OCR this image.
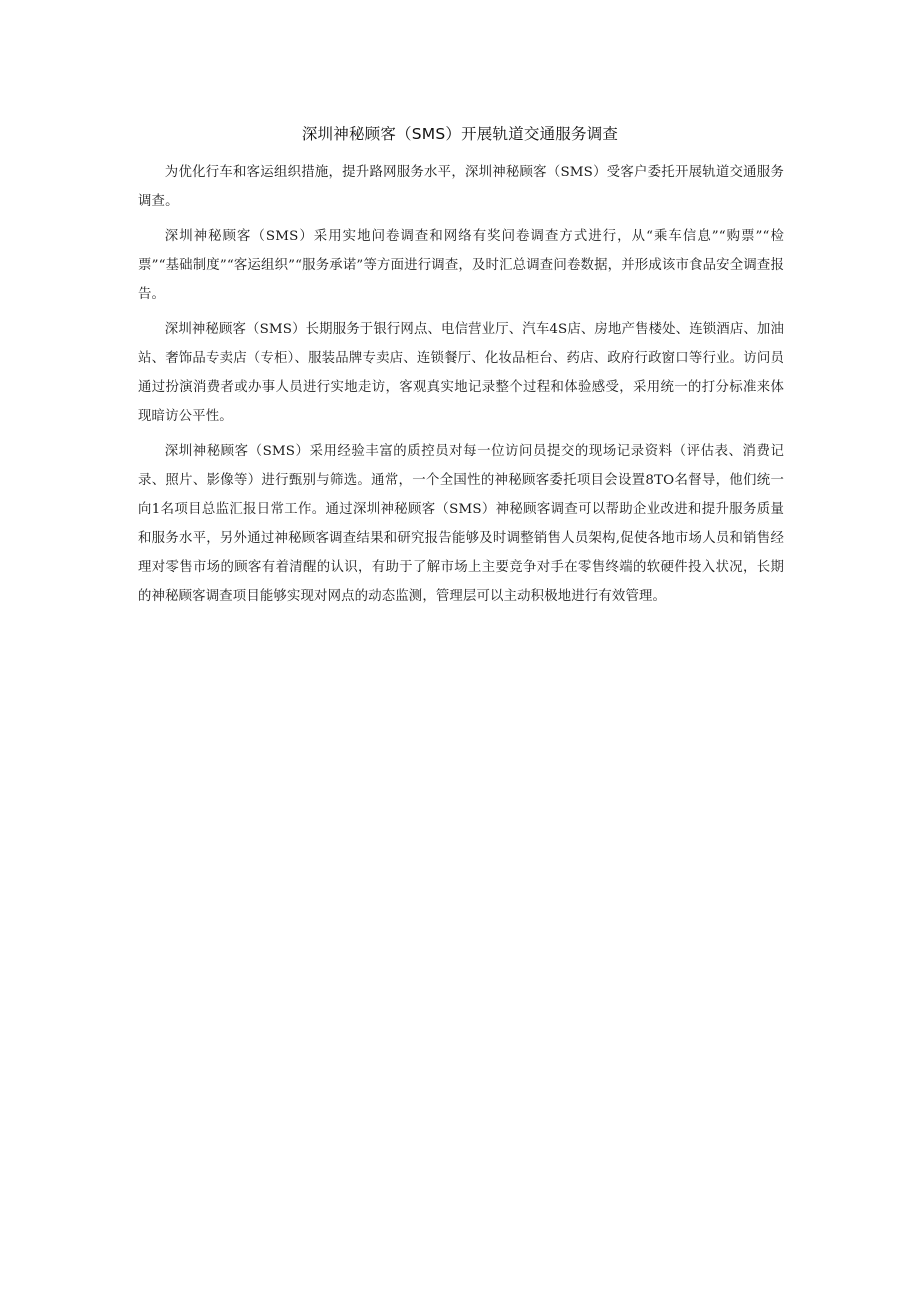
深圳神秘顾客（SMS）开展轨道交通服务调查

为优化行车和客运组织措施，提升路网服务水平，深圳神秘顾客（SMS）受客户委托开展轨道交通服务调查。

深圳神秘顾客（SMS）采用实地问卷调查和网络有奖问卷调查方式进行，从“乘车信息”“购票”“检票”“基础制度”“客运组织”“服务承诺”等方面进行调查，及时汇总调查问卷数据，并形成该市食品安全调查报告。

深圳神秘顾客（SMS）长期服务于银行网点、电信营业厅、汽车4S店、房地产售楼处、连锁酒店、加油站、奢饰品专卖店（专柜）、服装品牌专卖店、连锁餐厅、化妆品柜台、药店、政府行政窗口等行业。访问员通过扮演消费者或办事人员进行实地走访，客观真实地记录整个过程和体验感受，采用统一的打分标准来体现暗访公平性。

深圳神秘顾客（SMS）采用经验丰富的质控员对每一位访问员提交的现场记录资料（评估表、消费记录、照片、影像等）进行甄别与筛选。通常，一个全国性的神秘顾客委托项目会设置8TO名督导，他们统一向1名项目总监汇报日常工作。通过深圳神秘顾客（SMS）神秘顾客调查可以帮助企业改进和提升服务质量和服务水平，另外通过神秘顾客调查结果和研究报告能够及时调整销售人员架构,促使各地市场人员和销售经理对零售市场的顾客有着清醒的认识，有助于了解市场上主要竞争对手在零售终端的软硬件投入状况，长期的神秘顾客调查项目能够实现对网点的动态监测，管理层可以主动积极地进行有效管理。
